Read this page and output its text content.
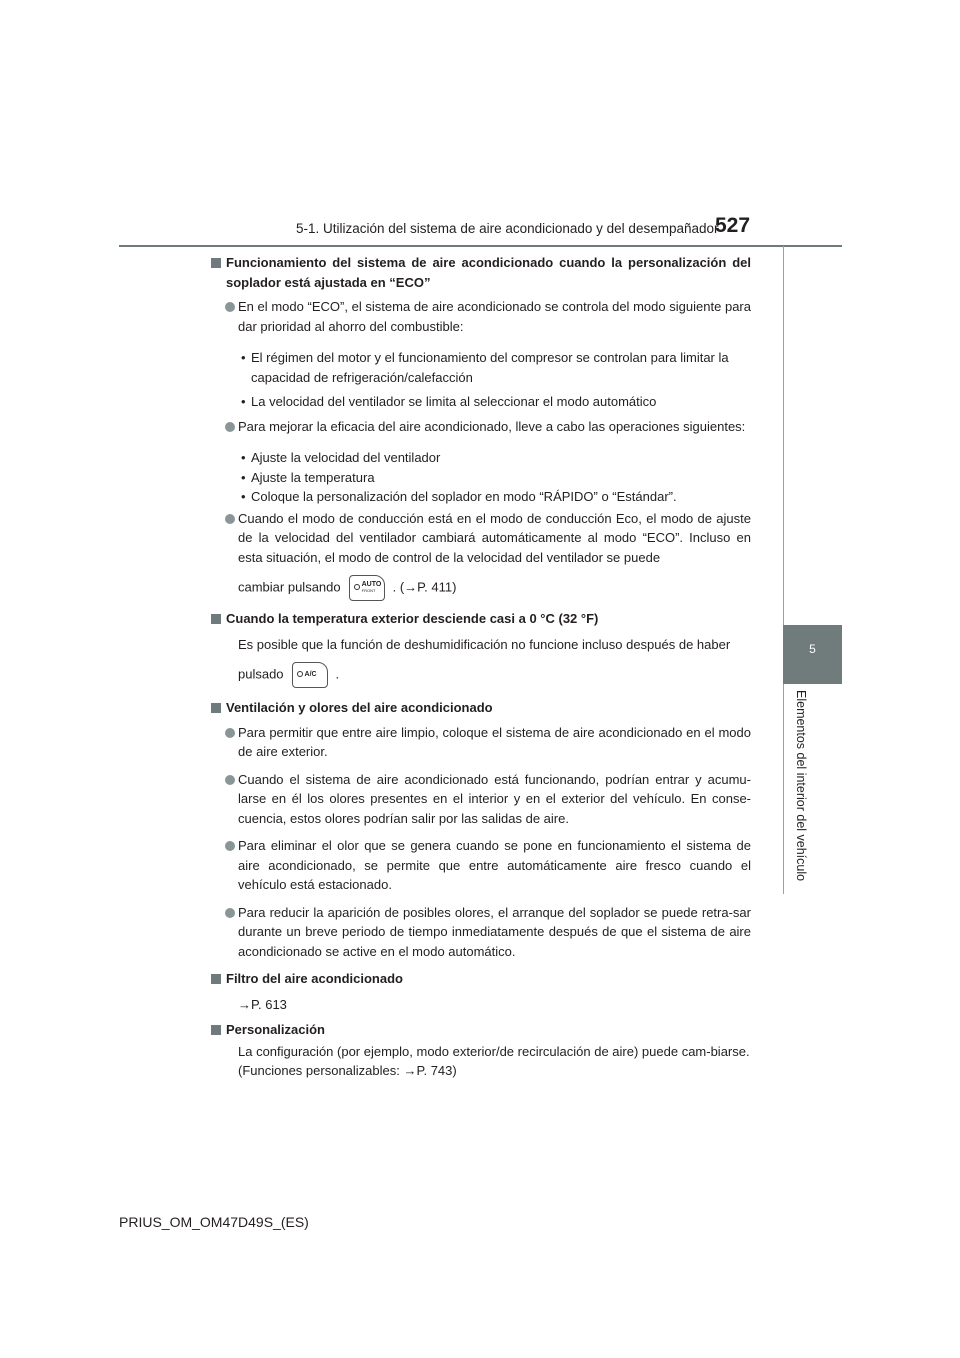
5-1. Utilización del sistema de aire acondicionado y del desempañador
527
5
Elementos del interior del vehículo
Funcionamiento del sistema de aire acondicionado cuando la personalización del soplador está ajustada en “ECO”
En el modo “ECO”, el sistema de aire acondicionado se controla del modo siguiente para dar prioridad al ahorro del combustible:
• El régimen del motor y el funcionamiento del compresor se controlan para limitar la capacidad de refrigeración/calefacción
• La velocidad del ventilador se limita al seleccionar el modo automático
Para mejorar la eficacia del aire acondicionado, lleve a cabo las operaciones siguientes:
• Ajuste la velocidad del ventilador
• Ajuste la temperatura
• Coloque la personalización del soplador en modo “RÁPIDO” o “Estándar”.
Cuando el modo de conducción está en el modo de conducción Eco, el modo de ajuste de la velocidad del ventilador cambiará automáticamente al modo “ECO”. Incluso en esta situación, el modo de control de la velocidad del ventilador se puede
cambiar pulsando	AUTO
FRONT . (→P. 411)
Cuando la temperatura exterior desciende casi a 0 °C (32 °F)
Es posible que la función de deshumidificación no funcione incluso después de haber
pulsado	A/C .
Ventilación y olores del aire acondicionado
Para permitir que entre aire limpio, coloque el sistema de aire acondicionado en el modo de aire exterior.
Cuando el sistema de aire acondicionado está funcionando, podrían entrar y acumu-larse en él los olores presentes en el interior y en el exterior del vehículo. En conse-cuencia, estos olores podrían salir por las salidas de aire.
Para eliminar el olor que se genera cuando se pone en funcionamiento el sistema de aire acondicionado, se permite que entre automáticamente aire fresco cuando el vehículo está estacionado.
Para reducir la aparición de posibles olores, el arranque del soplador se puede retra-sar durante un breve periodo de tiempo inmediatamente después de que el sistema de aire acondicionado se active en el modo automático.
Filtro del aire acondicionado
→P. 613
Personalización
La configuración (por ejemplo, modo exterior/de recirculación de aire) puede cam-biarse.
(Funciones personalizables: →P. 743)
PRIUS_OM_OM47D49S_(ES)
